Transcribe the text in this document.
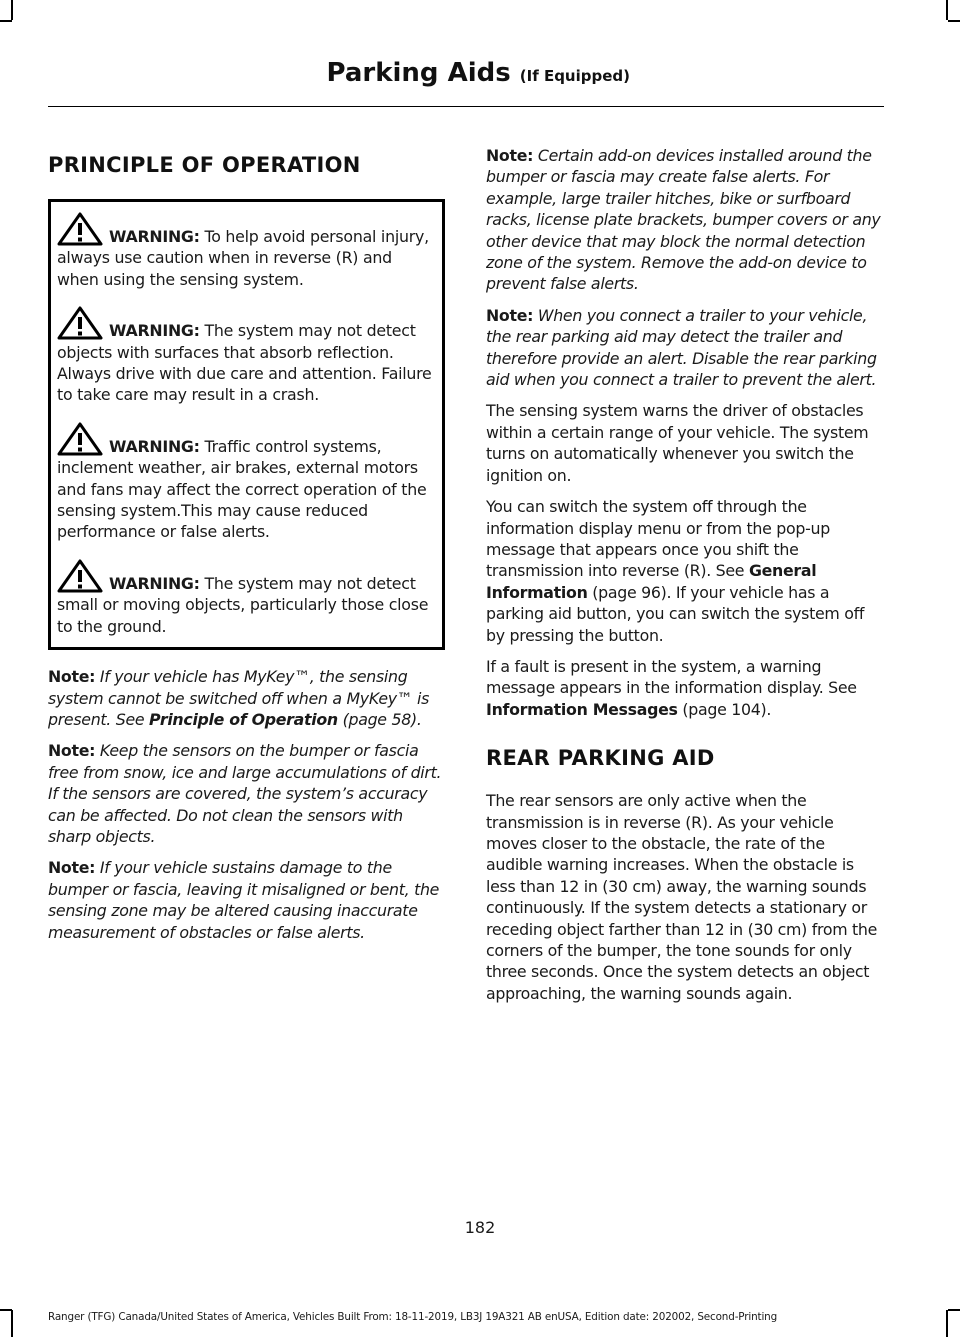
Parking Aids (If Equipped)
PRINCIPLE OF OPERATION

WARNING: To help avoid personal injury, always use caution when in reverse (R) and when using the sensing system.

WARNING: The system may not detect objects with surfaces that absorb reflection. Always drive with due care and attention. Failure to take care may result in a crash.

WARNING: Traffic control systems, inclement weather, air brakes, external motors and fans may affect the correct operation of the sensing system.This may cause reduced performance or false alerts.

WARNING: The system may not detect small or moving objects, particularly those close to the ground.

Note: If your vehicle has MyKey™, the sensing system cannot be switched off when a MyKey™ is present. See Principle of Operation (page 58).

Note: Keep the sensors on the bumper or fascia free from snow, ice and large accumulations of dirt. If the sensors are covered, the system’s accuracy can be affected. Do not clean the sensors with sharp objects.

Note: If your vehicle sustains damage to the bumper or fascia, leaving it misaligned or bent, the sensing zone may be altered causing inaccurate measurement of obstacles or false alerts.

Note: Certain add-on devices installed around the bumper or fascia may create false alerts. For example, large trailer hitches, bike or surfboard racks, license plate brackets, bumper covers or any other device that may block the normal detection zone of the system. Remove the add-on device to prevent false alerts.

Note: When you connect a trailer to your vehicle, the rear parking aid may detect the trailer and therefore provide an alert. Disable the rear parking aid when you connect a trailer to prevent the alert.

The sensing system warns the driver of obstacles within a certain range of your vehicle. The system turns on automatically whenever you switch the ignition on.

You can switch the system off through the information display menu or from the pop-up message that appears once you shift the transmission into reverse (R). See General Information (page 96). If your vehicle has a parking aid button, you can switch the system off by pressing the button.

If a fault is present in the system, a warning message appears in the information display. See Information Messages (page 104).

REAR PARKING AID

The rear sensors are only active when the transmission is in reverse (R). As your vehicle moves closer to the obstacle, the rate of the audible warning increases. When the obstacle is less than 12 in (30 cm) away, the warning sounds continuously. If the system detects a stationary or receding object farther than 12 in (30 cm) from the corners of the bumper, the tone sounds for only three seconds. Once the system detects an object approaching, the warning sounds again.

182
Ranger (TFG) Canada/United States of America, Vehicles Built From: 18-11-2019, LB3J 19A321 AB enUSA, Edition date: 202002, Second-Printing
